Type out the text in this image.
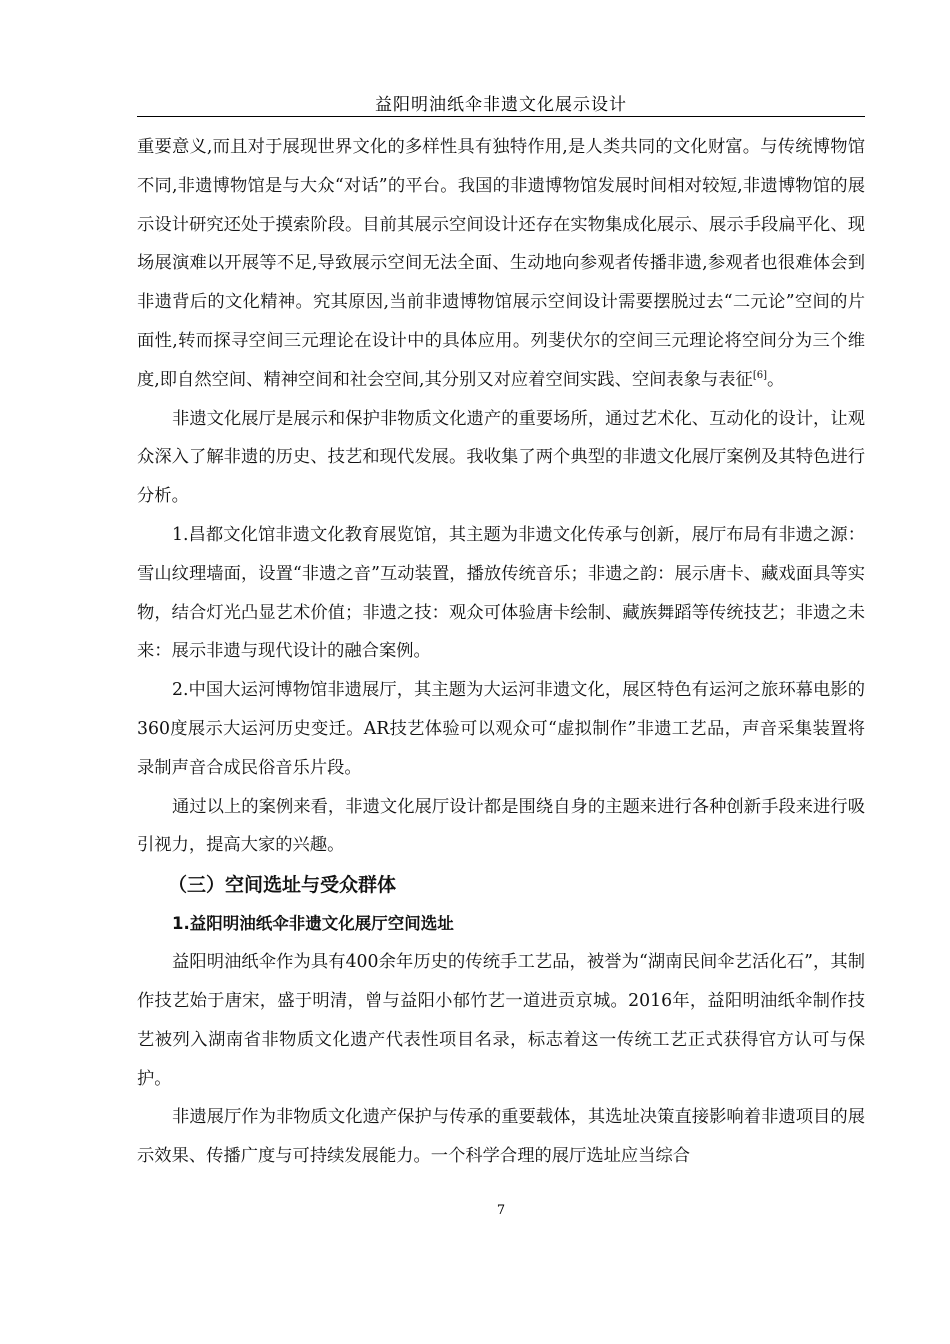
益阳明油纸伞非遗文化展示设计

重要意义,而且对于展现世界文化的多样性具有独特作用,是人类共同的文化财富。与传统博物馆不同,非遗博物馆是与大众“对话”的平台。我国的非遗博物馆发展时间相对较短,非遗博物馆的展示设计研究还处于摸索阶段。目前其展示空间设计还存在实物集成化展示、展示手段扁平化、现场展演难以开展等不足,导致展示空间无法全面、生动地向参观者传播非遗,参观者也很难体会到非遗背后的文化精神。究其原因,当前非遗博物馆展示空间设计需要摆脱过去“二元论”空间的片面性,转而探寻空间三元理论在设计中的具体应用。列斐伏尔的空间三元理论将空间分为三个维度,即自然空间、精神空间和社会空间,其分别又对应着空间实践、空间表象与表征[6]。

非遗文化展厅是展示和保护非物质文化遗产的重要场所，通过艺术化、互动化的设计，让观众深入了解非遗的历史、技艺和现代发展。我收集了两个典型的非遗文化展厅案例及其特色进行分析。

1.昌都文化馆非遗文化教育展览馆，其主题为非遗文化传承与创新，展厅布局有非遗之源：雪山纹理墙面，设置“非遗之音”互动装置，播放传统音乐；非遗之韵：展示唐卡、藏戏面具等实物，结合灯光凸显艺术价值；非遗之技：观众可体验唐卡绘制、藏族舞蹈等传统技艺；非遗之未来：展示非遗与现代设计的融合案例。

2.中国大运河博物馆非遗展厅，其主题为大运河非遗文化，展区特色有运河之旅环幕电影的360度展示大运河历史变迁。AR技艺体验可以观众可“虚拟制作”非遗工艺品，声音采集装置将录制声音合成民俗音乐片段。

通过以上的案例来看，非遗文化展厅设计都是围绕自身的主题来进行各种创新手段来进行吸引视力，提高大家的兴趣。

（三）空间选址与受众群体
1.益阳明油纸伞非遗文化展厅空间选址

益阳明油纸伞作为具有400余年历史的传统手工艺品，被誉为“湖南民间伞艺活化石”，其制作技艺始于唐宋，盛于明清，曾与益阳小郁竹艺一道进贡京城。2016年，益阳明油纸伞制作技艺被列入湖南省非物质文化遗产代表性项目名录，标志着这一传统工艺正式获得官方认可与保护。

非遗展厅作为非物质文化遗产保护与传承的重要载体，其选址决策直接影响着非遗项目的展示效果、传播广度与可持续发展能力。一个科学合理的展厅选址应当综合

7
